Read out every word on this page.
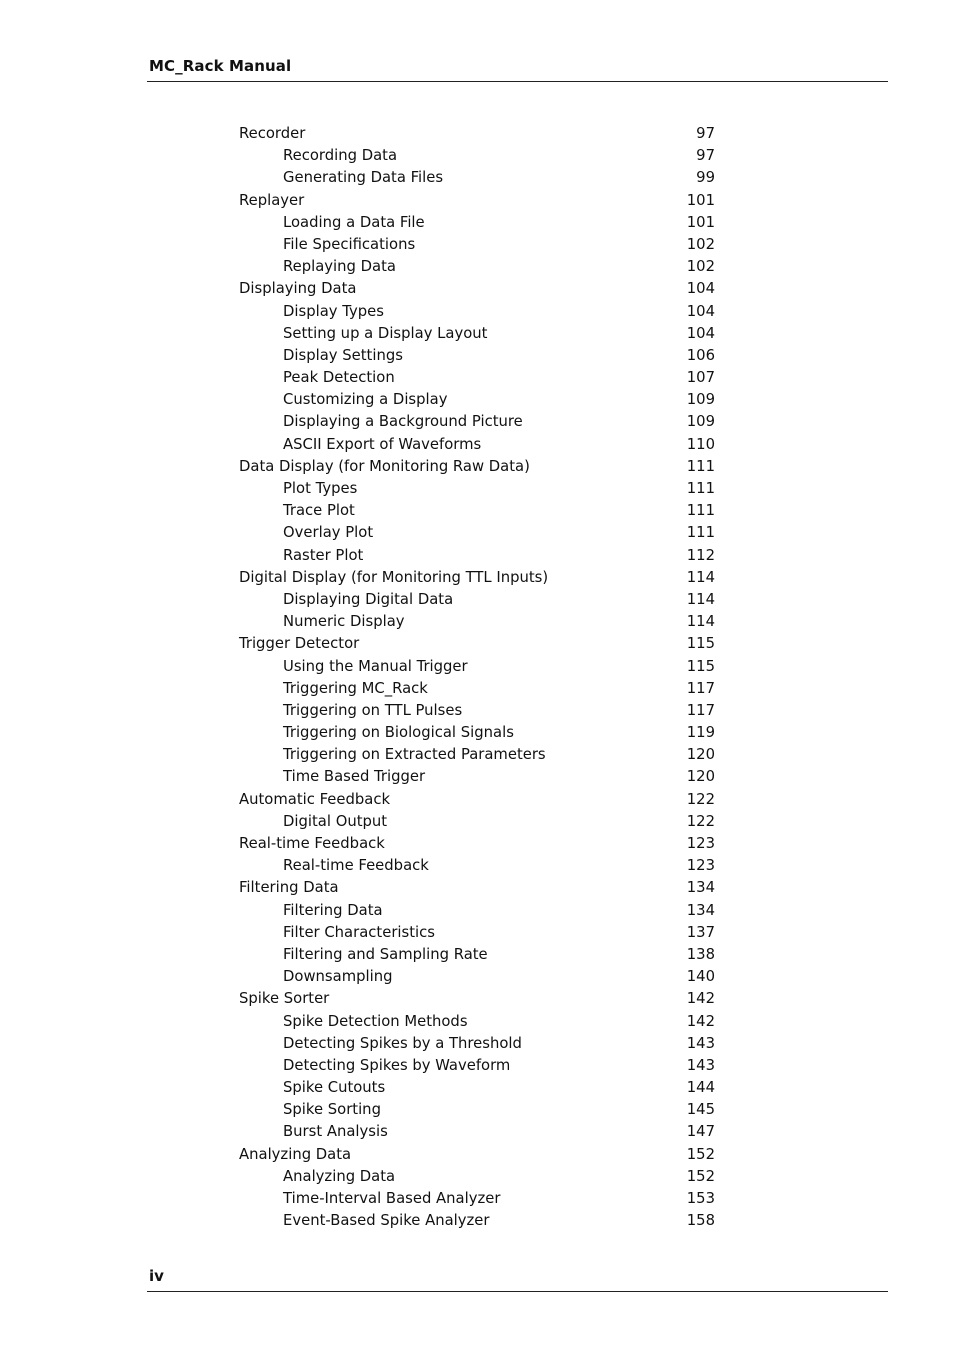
MC_Rack Manual
Recorder	97
Recording Data	97
Generating Data Files	99
Replayer	101
Loading a Data File	101
File Specifications	102
Replaying Data	102
Displaying Data	104
Display Types	104
Setting up a Display Layout	104
Display Settings	106
Peak Detection	107
Customizing a Display	109
Displaying a Background Picture	109
ASCII Export of Waveforms	110
Data Display (for Monitoring Raw Data)	111
Plot Types	111
Trace Plot	111
Overlay Plot	111
Raster Plot	112
Digital Display (for Monitoring TTL Inputs)	114
Displaying Digital Data	114
Numeric Display	114
Trigger Detector	115
Using the Manual Trigger	115
Triggering MC_Rack	117
Triggering on TTL Pulses	117
Triggering on Biological Signals	119
Triggering on Extracted Parameters	120
Time Based Trigger	120
Automatic Feedback	122
Digital Output	122
Real-time Feedback	123
Real-time Feedback	123
Filtering Data	134
Filtering Data	134
Filter Characteristics	137
Filtering and Sampling Rate	138
Downsampling	140
Spike Sorter	142
Spike Detection Methods	142
Detecting Spikes by a Threshold	143
Detecting Spikes by Waveform	143
Spike Cutouts	144
Spike Sorting	145
Burst Analysis	147
Analyzing Data	152
Analyzing Data	152
Time-Interval Based Analyzer	153
Event-Based Spike Analyzer	158
iv
